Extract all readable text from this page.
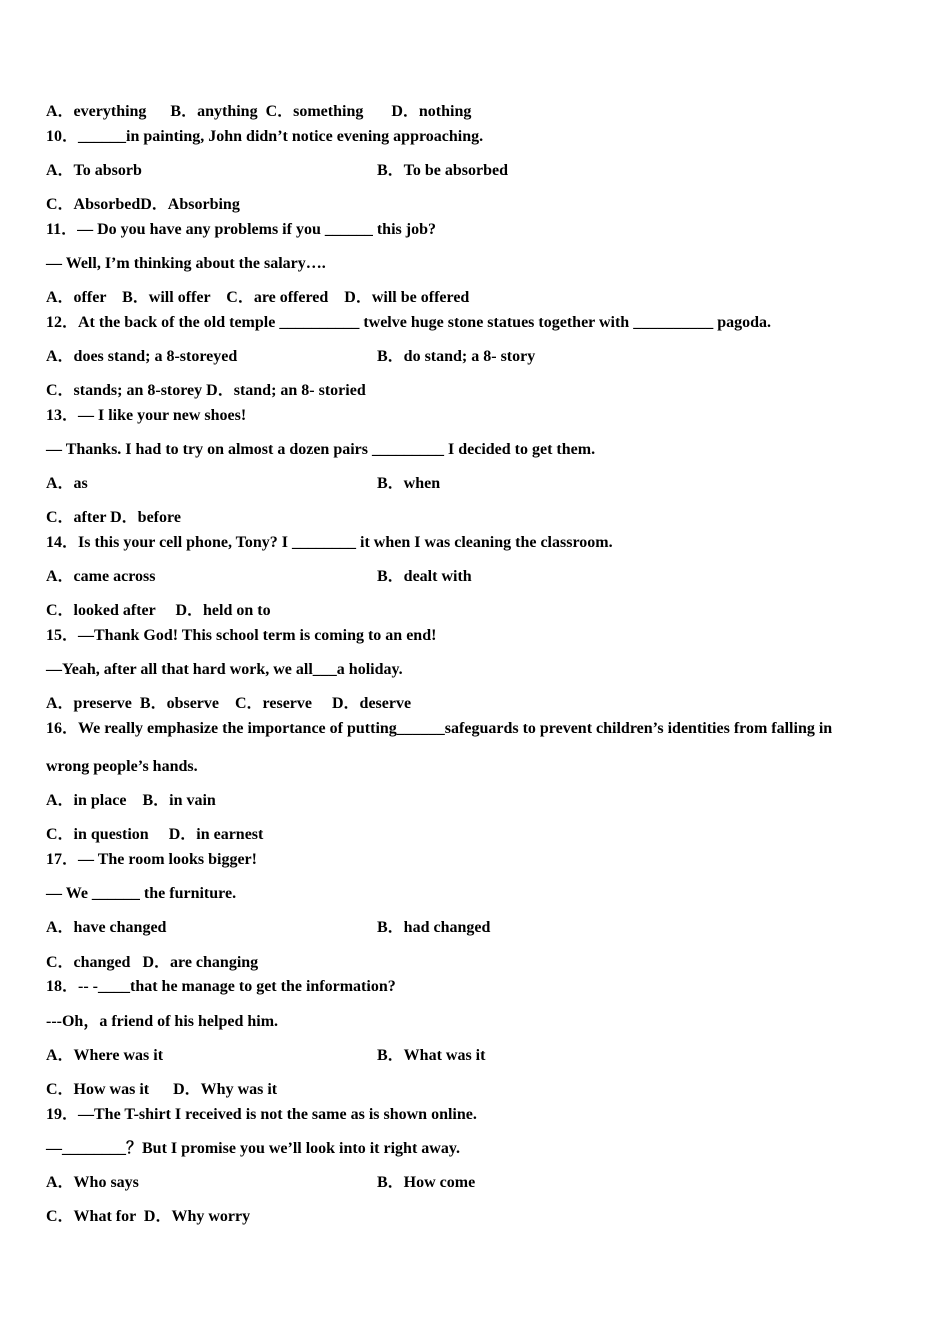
A．everything      B．anything  C．something       D．nothing
10．______in painting, John didn’t notice evening approaching.
A．To absorb	B．To be absorbed
C．AbsorbedD．Absorbing
11．— Do you have any problems if you ______ this job?
— Well, I’m thinking about the salary….
A．offer    B．will offer    C．are offered    D．will be offered
12．At the back of the old temple __________ twelve huge stone statues together with __________ pagoda.
A．does stand; a 8-storeyed	B．do stand; a 8- story
C．stands; an 8-storey D．stand; an 8- storied
13．— I like your new shoes!
— Thanks. I had to try on almost a dozen pairs _________ I decided to get them.
A．as	B．when
C．after D．before
14．Is this your cell phone, Tony? I ________ it when I was cleaning the classroom.
A．came across	B．dealt with
C．looked after     D．held on to
15．—Thank God! This school term is coming to an end!
—Yeah, after all that hard work, we all___a holiday.
A．preserve  B．observe    C．reserve     D．deserve
16．We really emphasize the importance of putting______safeguards to prevent children’s identities from falling in
wrong people’s hands.
A．in place    B．in vain
C．in question     D．in earnest
17．— The room looks bigger!
— We ______ the furniture.
A．have changed	B．had changed
C．changed   D．are changing
18．-- -____that he manage to get the information?
---Oh，a friend of his helped him.
A．Where was it	B．What was it
C．How was it      D．Why was it
19．—The T-shirt I received is not the same as is shown online.
—________？But I promise you we’ll look into it right away.
A．Who says	B．How come
C．What for  D．Why worry
